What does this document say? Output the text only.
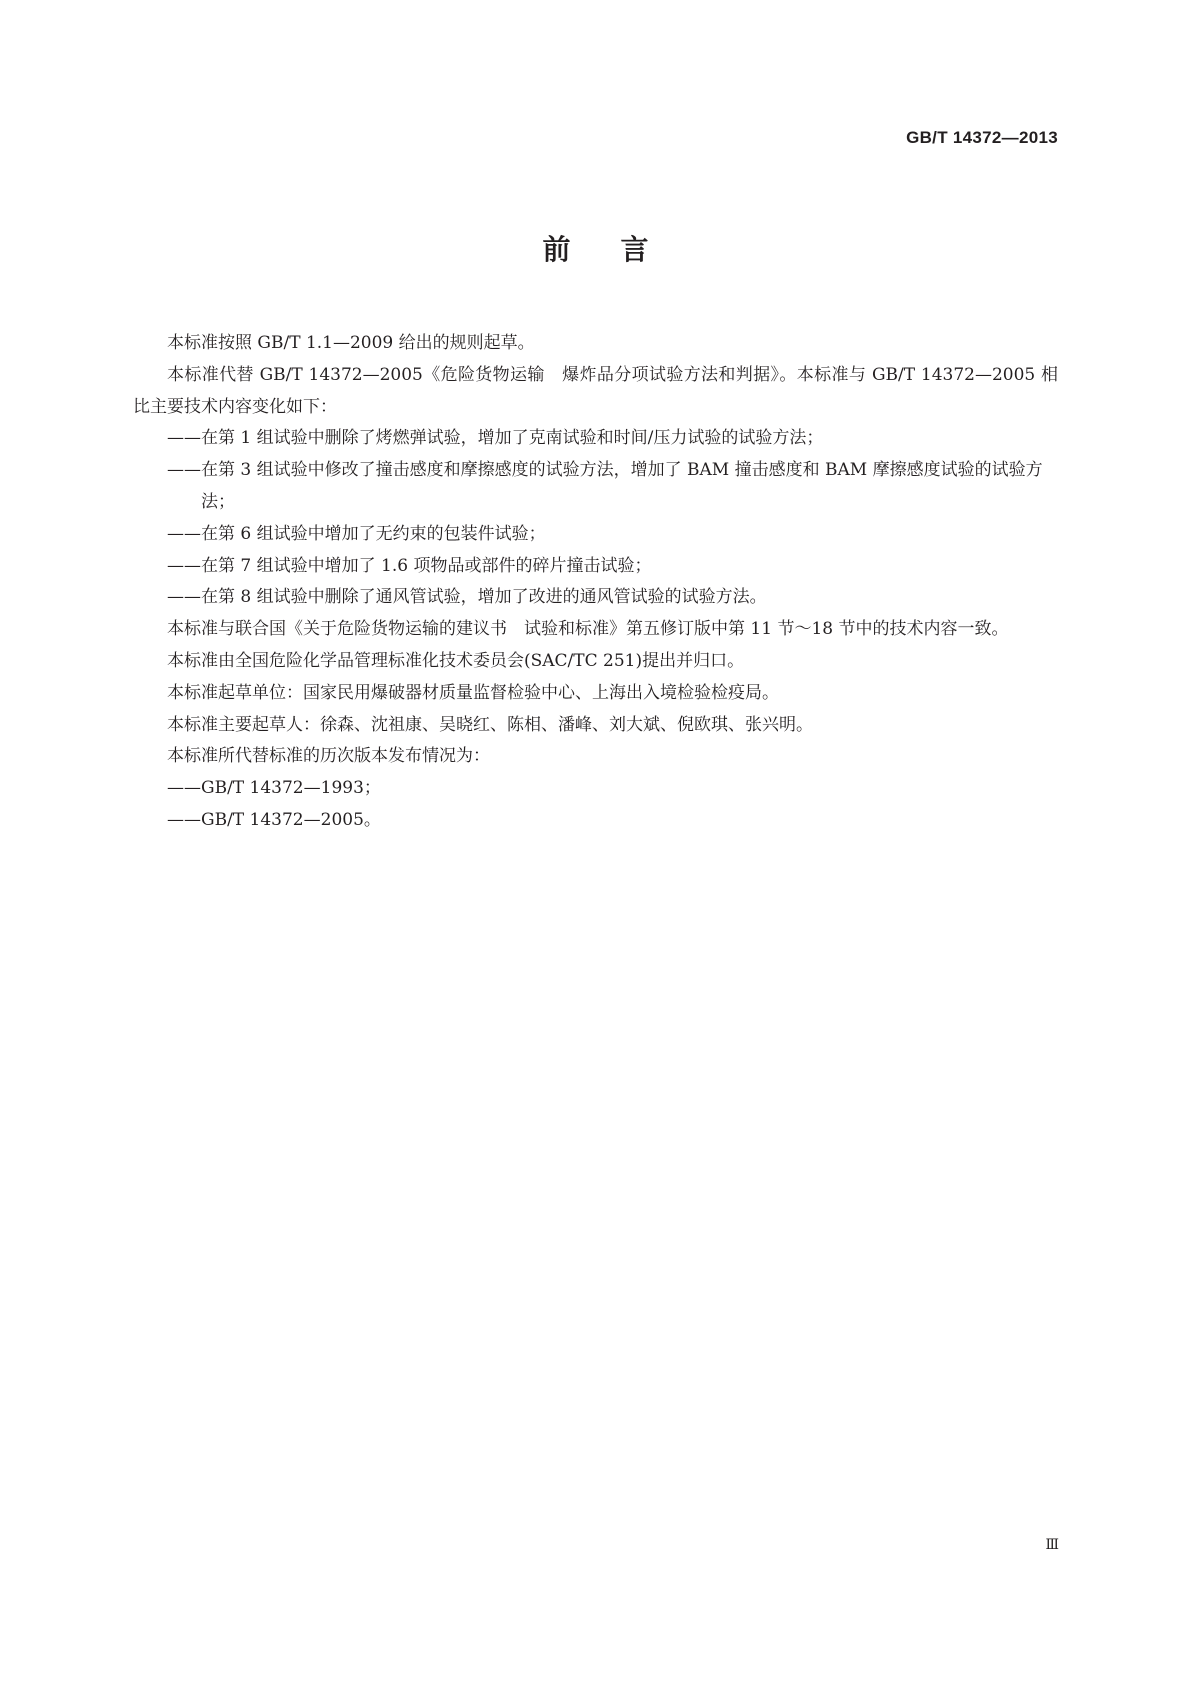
GB/T 14372—2013
前言

本标准按照 GB/T 1.1—2009 给出的规则起草。

本标准代替 GB/T 14372—2005《危险货物运输　爆炸品分项试验方法和判据》。本标准与 GB/T 14372—2005 相比主要技术内容变化如下：

——在第 1 组试验中删除了烤燃弹试验，增加了克南试验和时间/压力试验的试验方法；

——在第 3 组试验中修改了撞击感度和摩擦感度的试验方法，增加了 BAM 撞击感度和 BAM 摩擦感度试验的试验方法；

——在第 6 组试验中增加了无约束的包装件试验；

——在第 7 组试验中增加了 1.6 项物品或部件的碎片撞击试验；

——在第 8 组试验中删除了通风管试验，增加了改进的通风管试验的试验方法。

本标准与联合国《关于危险货物运输的建议书　试验和标准》第五修订版中第 11 节～18 节中的技术内容一致。

本标准由全国危险化学品管理标准化技术委员会(SAC/TC 251)提出并归口。

本标准起草单位：国家民用爆破器材质量监督检验中心、上海出入境检验检疫局。

本标准主要起草人：徐森、沈祖康、吴晓红、陈相、潘峰、刘大斌、倪欧琪、张兴明。

本标准所代替标准的历次版本发布情况为：

——GB/T 14372—1993；

——GB/T 14372—2005。

Ⅲ
